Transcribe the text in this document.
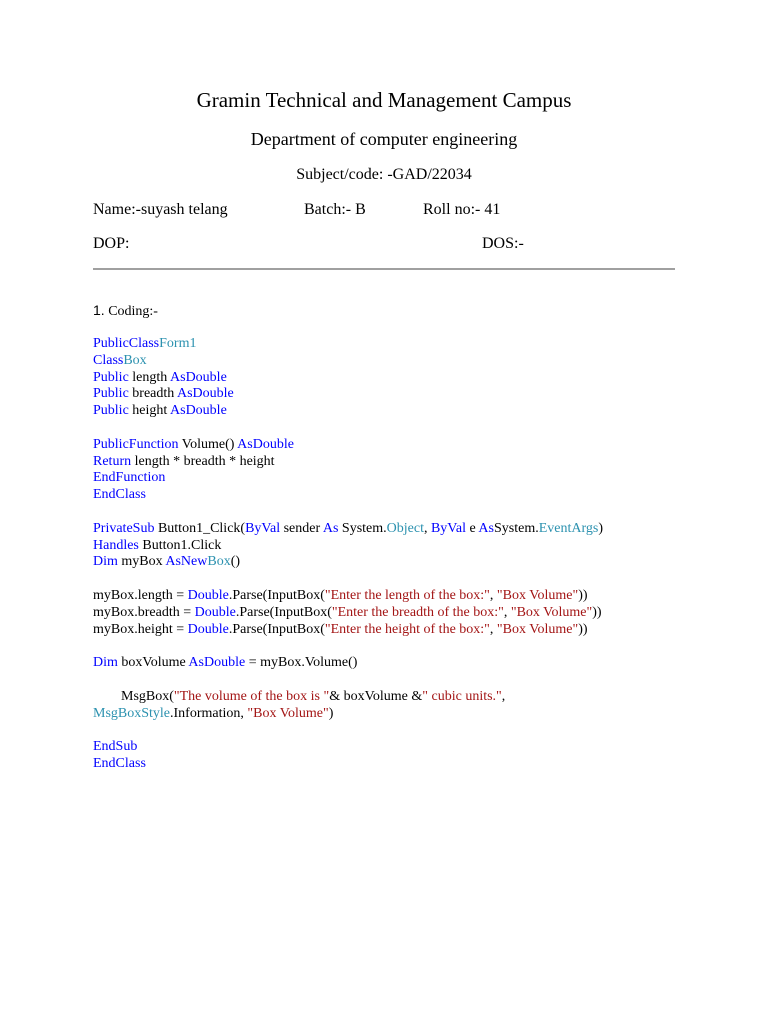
Gramin Technical and Management Campus
Department of computer engineering
Subject/code: -GAD/22034
Name:-suyash telang	Batch:- B	Roll no:- 41
DOP:	DOS:-
1. Coding:-
PublicClassForm1
ClassBox
Public length AsDouble
Public breadth AsDouble
Public height AsDouble
PublicFunction Volume() AsDouble
Return length * breadth * height
EndFunction
EndClass
PrivateSub Button1_Click(ByVal sender As System.Object, ByVal e AsSystem.EventArgs)
Handles Button1.Click
Dim myBox AsNewBox()
myBox.length = Double.Parse(InputBox("Enter the length of the box:", "Box Volume"))
myBox.breadth = Double.Parse(InputBox("Enter the breadth of the box:", "Box Volume"))
myBox.height = Double.Parse(InputBox("Enter the height of the box:", "Box Volume"))
Dim boxVolume AsDouble = myBox.Volume()
MsgBox("The volume of the box is "& boxVolume &" cubic units.",
MsgBoxStyle.Information, "Box Volume")
EndSub
EndClass
